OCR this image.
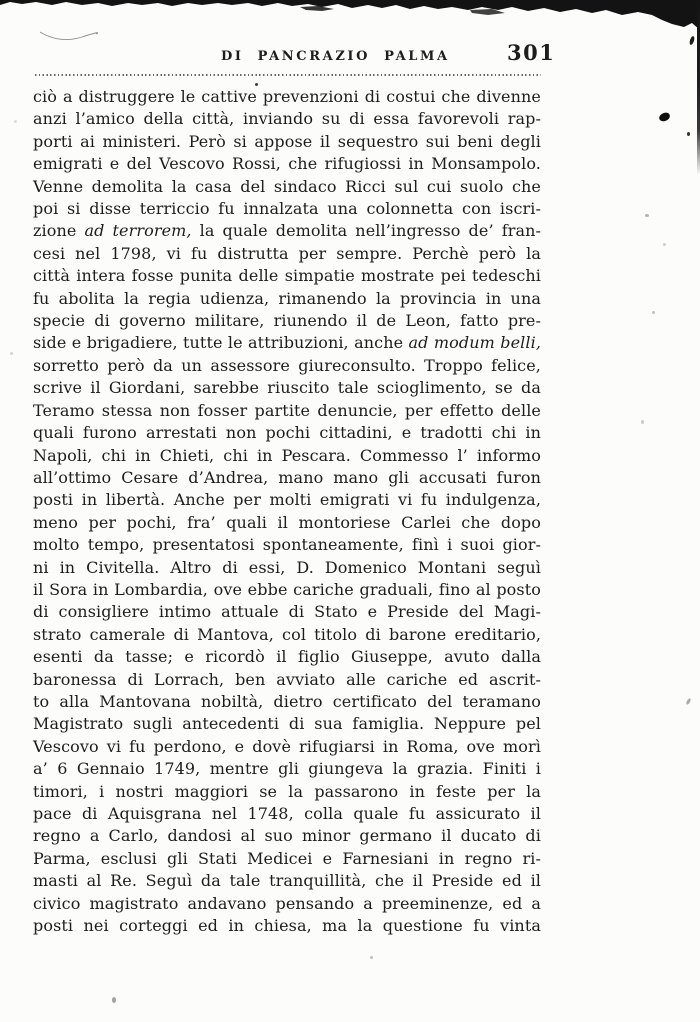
DI PANCRAZIO PALMA	301
ciò a distruggere le cattive prevenzioni di costui che divenne
anzi l’amico della città, inviando su di essa favorevoli rap-
porti ai ministeri. Però si appose il sequestro sui beni degli
emigrati e del Vescovo Rossi, che rifugiossi in Monsampolo.
Venne demolita la casa del sindaco Ricci sul cui suolo che
poi si disse terriccio fu innalzata una colonnetta con iscri-
zione ad terrorem, la quale demolita nell’ingresso de’ fran-
cesi nel 1798, vi fu distrutta per sempre. Perchè però la
città intera fosse punita delle simpatie mostrate pei tedeschi
fu abolita la regia udienza, rimanendo la provincia in una
specie di governo militare, riunendo il de Leon, fatto pre-
side e brigadiere, tutte le attribuzioni, anche ad modum belli,
sorretto però da un assessore giureconsulto. Troppo felice,
scrive il Giordani, sarebbe riuscito tale scioglimento, se da
Teramo stessa non fosser partite denuncie, per effetto delle
quali furono arrestati non pochi cittadini, e tradotti chi in
Napoli, chi in Chieti, chi in Pescara. Commesso l’ informo
all’ottimo Cesare d’Andrea, mano mano gli accusati furon
posti in libertà. Anche per molti emigrati vi fu indulgenza,
meno per pochi, fra’ quali il montoriese Carlei che dopo
molto tempo, presentatosi spontaneamente, finì i suoi gior-
ni in Civitella. Altro di essi, D. Domenico Montani seguì
il Sora in Lombardia, ove ebbe cariche graduali, fino al posto
di consigliere intimo attuale di Stato e Preside del Magi-
strato camerale di Mantova, col titolo di barone ereditario,
esenti da tasse; e ricordò il figlio Giuseppe, avuto dalla
baronessa di Lorrach, ben avviato alle cariche ed ascrit-
to alla Mantovana nobiltà, dietro certificato del teramano
Magistrato sugli antecedenti di sua famiglia. Neppure pel
Vescovo vi fu perdono, e dovè rifugiarsi in Roma, ove morì
a’ 6 Gennaio 1749, mentre gli giungeva la grazia. Finiti i
timori, i nostri maggiori se la passarono in feste per la
pace di Aquisgrana nel 1748, colla quale fu assicurato il
regno a Carlo, dandosi al suo minor germano il ducato di
Parma, esclusi gli Stati Medicei e Farnesiani in regno ri-
masti al Re. Seguì da tale tranquillità, che il Preside ed il
civico magistrato andavano pensando a preeminenze, ed a
posti nei corteggi ed in chiesa, ma la questione fu vinta
